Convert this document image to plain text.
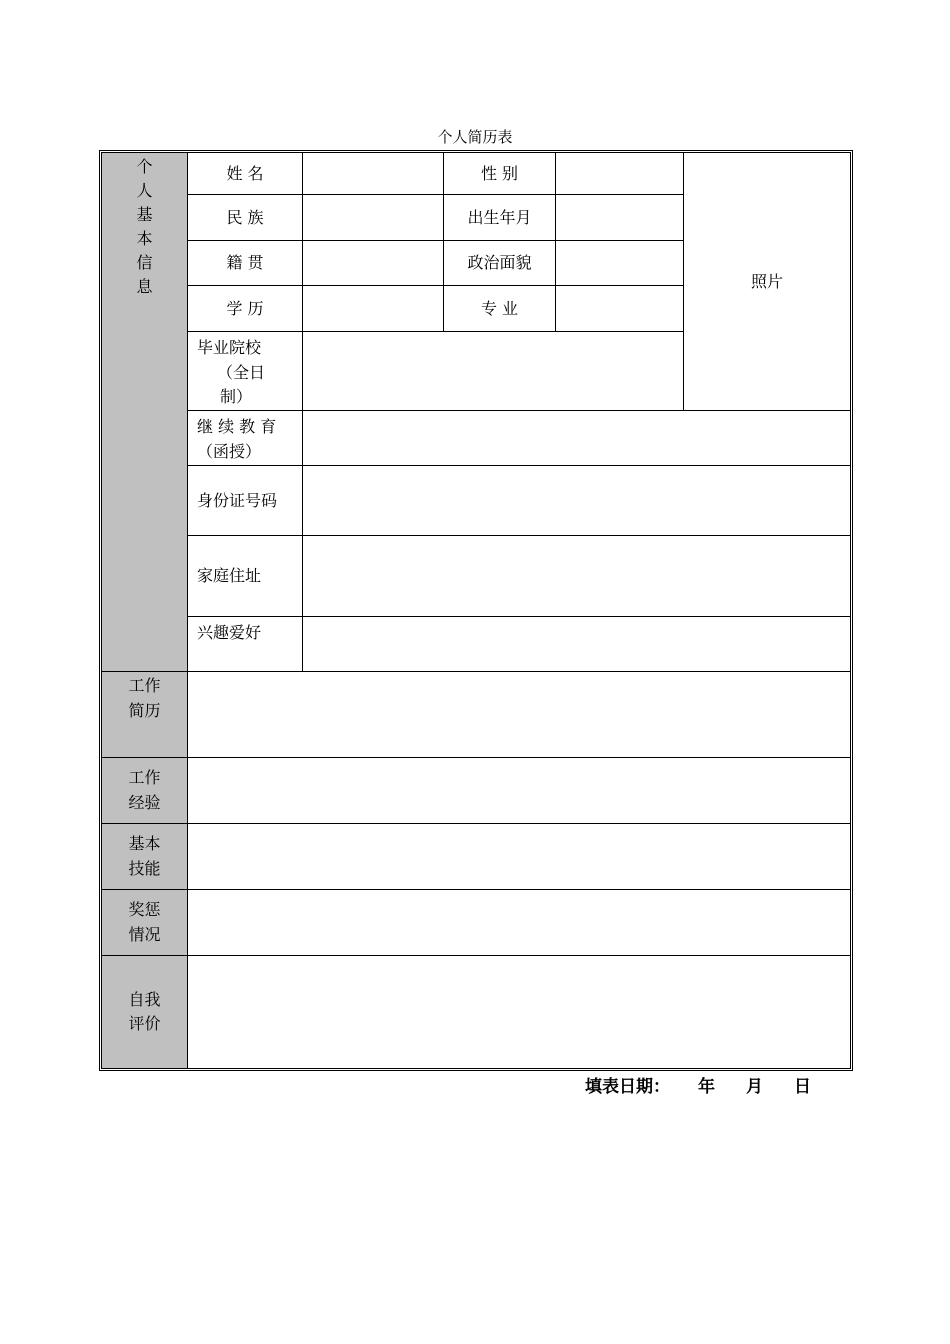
个人简历表
个 人 基 本 信 息
姓 名	性 别
照片
民 族	出生年月
籍 贯	政治面貌
学 历	专 业
毕业院校
（全日
制）
继 续 教 育
（函授）
身份证号码
家庭住址
兴趣爱好
工作 简历
工作 经验
基本 技能
奖惩 情况
自我 评价
填表日期： 年 月 日
